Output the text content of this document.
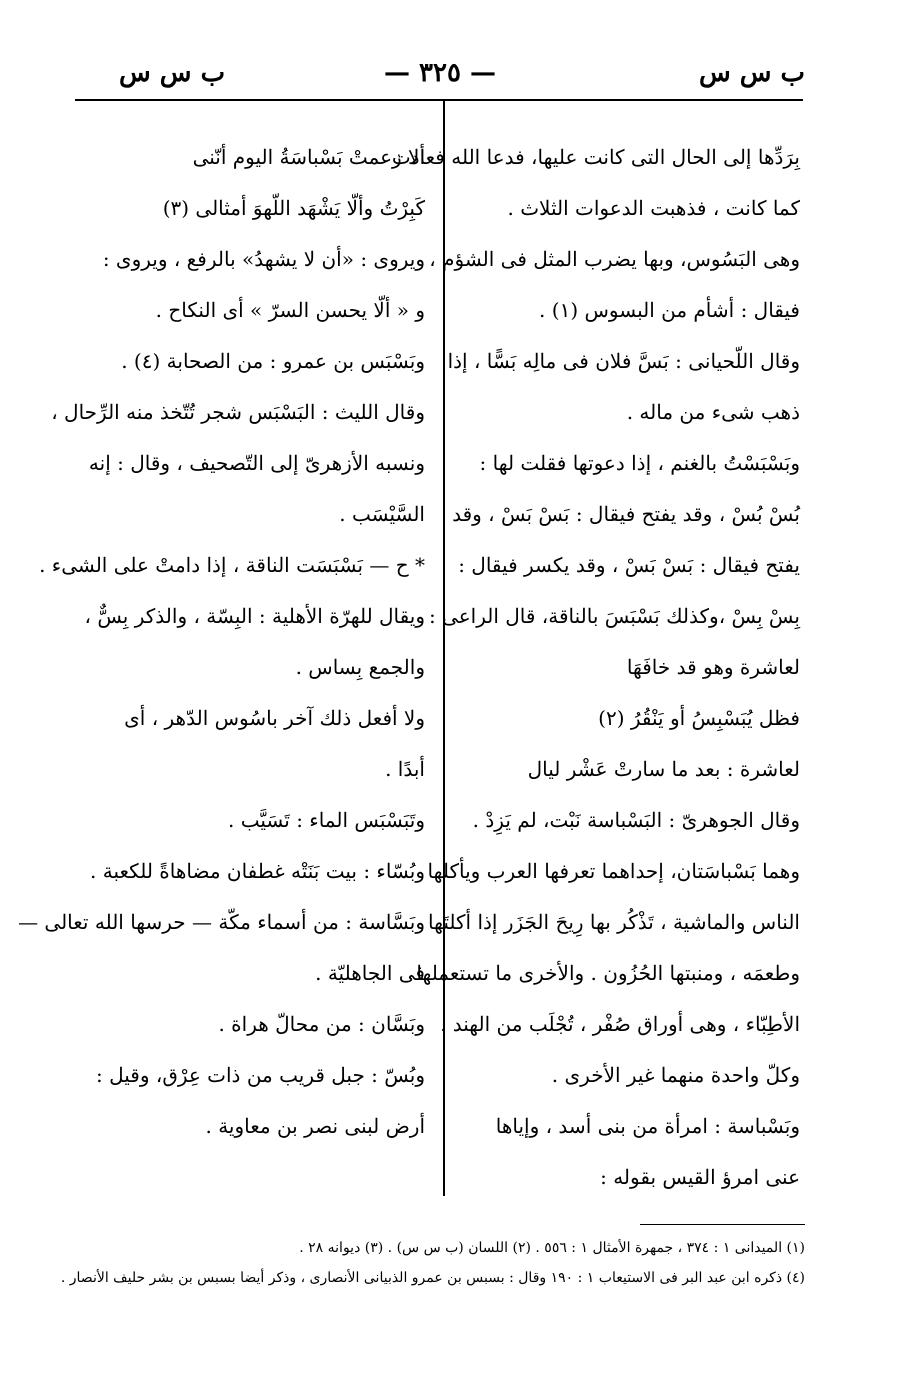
ب س س
— ٣٢٥ —
ب س س
بِرَدِّها إلى الحال التى كانت عليها، فدعا الله فعادت
كما كانت ، فذهبت الدعوات الثلاث .
وهى البَسُوس، وبها يضرب المثل فى الشؤم ،
فيقال : أشأم من البسوس (١) .
وقال اللّحيانى : بَسَّ فلان فى مالِه بَسًّا ، إذا
ذهب شىء من ماله .
وبَسْبَسْتُ بالغنم ، إذا دعوتها فقلت لها :
بُسْ بُسْ ، وقد يفتح فيقال : بَسْ بَسْ ، وقد
يفتح فيقال : بَسْ بَسْ ، وقد يكسر فيقال :
بِسْ بِسْ ،وكذلك بَسْبَسَ بالناقة، قال الراعى :
لعاشرة وهو قد خافَهَا
فظل يُبَسْبِسُ أو يَنْقُرُ (٢)
لعاشرة : بعد ما سارتْ عَشْر ليال
وقال الجوهرىّ : البَسْباسة نَبْت، لم يَزِدْ .
وهما بَسْباسَتان، إحداهما تعرفها العرب ويأكلها
الناس والماشية ، تَذْكُر بها رِيحَ الجَزَر إذا أكلتَها
وطعمَه ، ومنبتها الحُزُون . والأخرى ما تستعملها
الأطِبّاء ، وهى أوراق صُفْر ، تُجْلَب من الهند .
وكلّ واحدة منهما غير الأخرى .
وبَسْباسة : امرأة من بنى أسد ، وإياها
عنى امرؤ القيس بقوله :
ألا زعمتْ بَسْباسَةُ اليوم أنّنى
كَبِرْتُ وألّا يَشْهَد اللّهوَ أمثالى (٣)
ويروى : «أن لا يشهدُ» بالرفع ، ويروى :
و « ألّا يحسن السرّ » أى النكاح .
وبَسْبَس بن عمرو : من الصحابة (٤) .
وقال الليث : البَسْبَس شجر تُتّخذ منه الرِّحال ،
ونسبه الأزهرىّ إلى التّصحيف ، وقال : إنه
السَّيْسَب .
* ح — بَسْبَسَت الناقة ، إذا دامتْ على الشىء .
ويقال للهرّة الأهلية : البِسّة ، والذكر بِسٌّ ،
والجمع بِساس .
ولا أفعل ذلك آخر باسُوس الدّهر ، أى
أبدًا .
وتَبَسْبَس الماء : تَسَيَّب .
وبُسّاء : بيت بَنَتْه غطفان مضاهاةً للكعبة .
وبَسَّاسة : من أسماء مكّة — حرسها الله تعالى —
فى الجاهليّة .
وبَسَّان : من محالّ هراة .
وبُسّ : جبل قريب من ذات عِرْق، وقيل :
أرض لبنى نصر بن معاوية .
(١) الميدانى ١ : ٣٧٤ ، جمهرة الأمثال ١ : ٥٥٦ . (٢) اللسان (ب س س) . (٣) ديوانه ٢٨ .
(٤) ذكره ابن عبد البر فى الاستيعاب ١ : ١٩٠ وقال : بسبس بن عمرو الذبيانى الأنصارى ، وذكر أيضا بسبس بن بشر حليف الأنصار .
